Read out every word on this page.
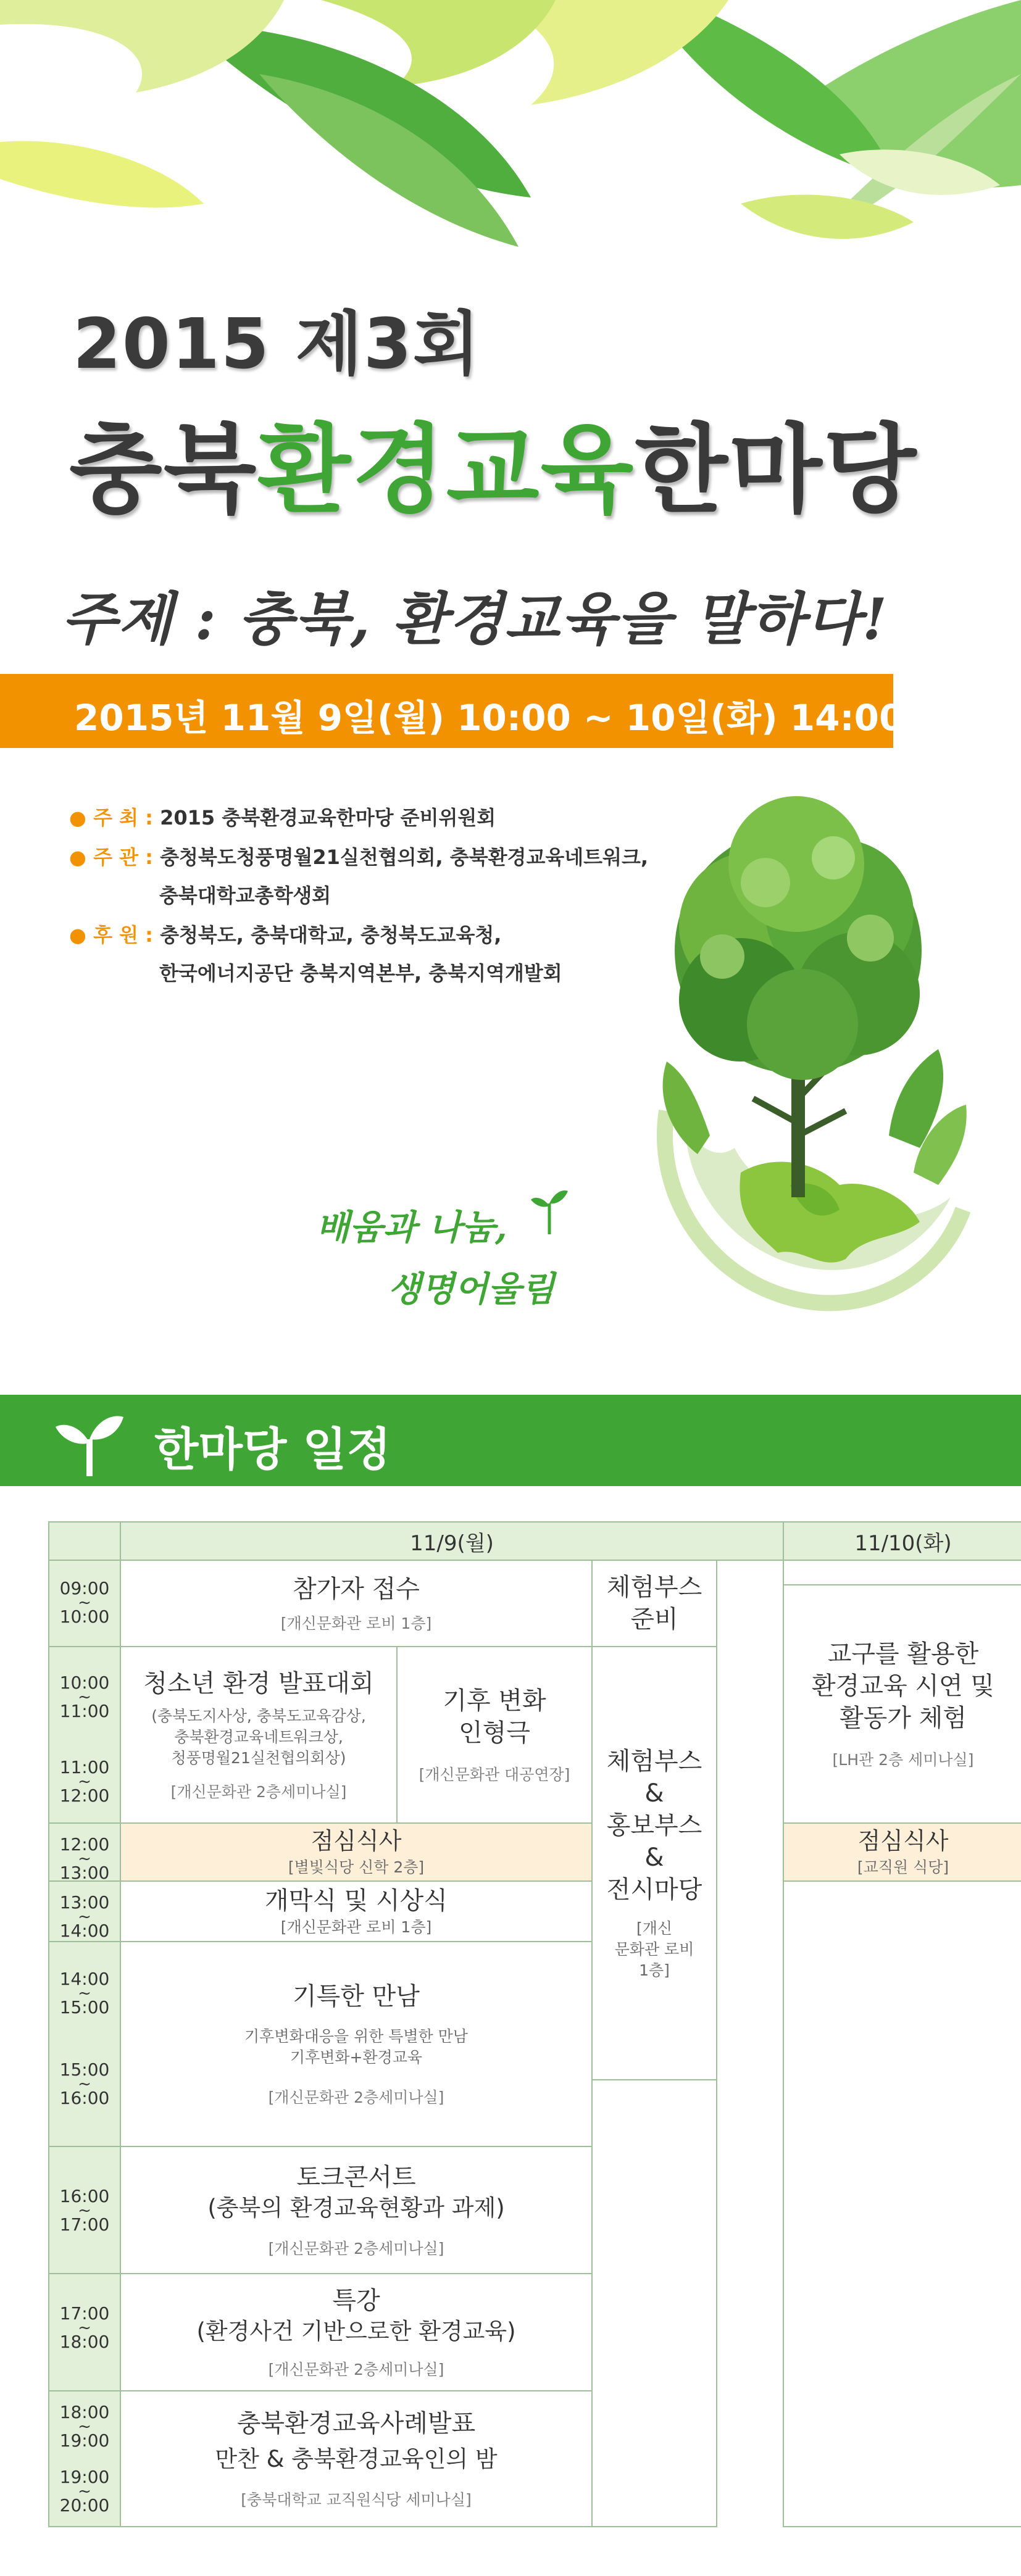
2015 제3회
충북환경교육한마당
주제 : 충북, 환경교육을 말하다!
2015년 11월 9일(월) 10:00 ~ 10일(화) 14:00
● 주 최 : 2015 충북환경교육한마당 준비위원회
● 주 관 : 충청북도청풍명월21실천협의회, 충북환경교육네트워크,
충북대학교총학생회
● 후 원 : 충청북도, 충북대학교, 충청북도교육청,
한국에너지공단 충북지역본부, 충북지역개발회
배움과 나눔,
생명어울림
한마당 일정
11/9(월)	11/10(화)
09:00
~
10:00
10:00
~
11:00
11:00
~
12:00
12:00
~
13:00
13:00
~
14:00
14:00
~
15:00
15:00
~
16:00
16:00
~
17:00
17:00
~
18:00
18:00
~
19:00
19:00
~
20:00
참가자 접수
[개신문화관 로비 1층]
체험부스
준비
청소년 환경 발표대회
(충북도지사상, 충북도교육감상,
충북환경교육네트워크상,
청풍명월21실천협의회상)
[개신문화관 2층세미나실]
기후 변화
인형극
[개신문화관 대공연장] 체험부스
&
홍보부스
&
전시마당
[개신
문화관 로비
1층]
교구를 활용한
환경교육 시연 및
활동가 체험
[LH관 2층 세미나실]
점심식사
[별빛식당 신학 2층]
점심식사
[교직원 식당]
개막식 및 시상식
[개신문화관 로비 1층]
기특한 만남
기후변화대응을 위한 특별한 만남
기후변화+환경교육
[개신문화관 2층세미나실]
토크콘서트
(충북의 환경교육현황과 과제)
[개신문화관 2층세미나실]
특강
(환경사건 기반으로한 환경교육)
[개신문화관 2층세미나실]
충북환경교육사례발표
만찬 & 충북환경교육인의 밤
[충북대학교 교직원식당 세미나실]
